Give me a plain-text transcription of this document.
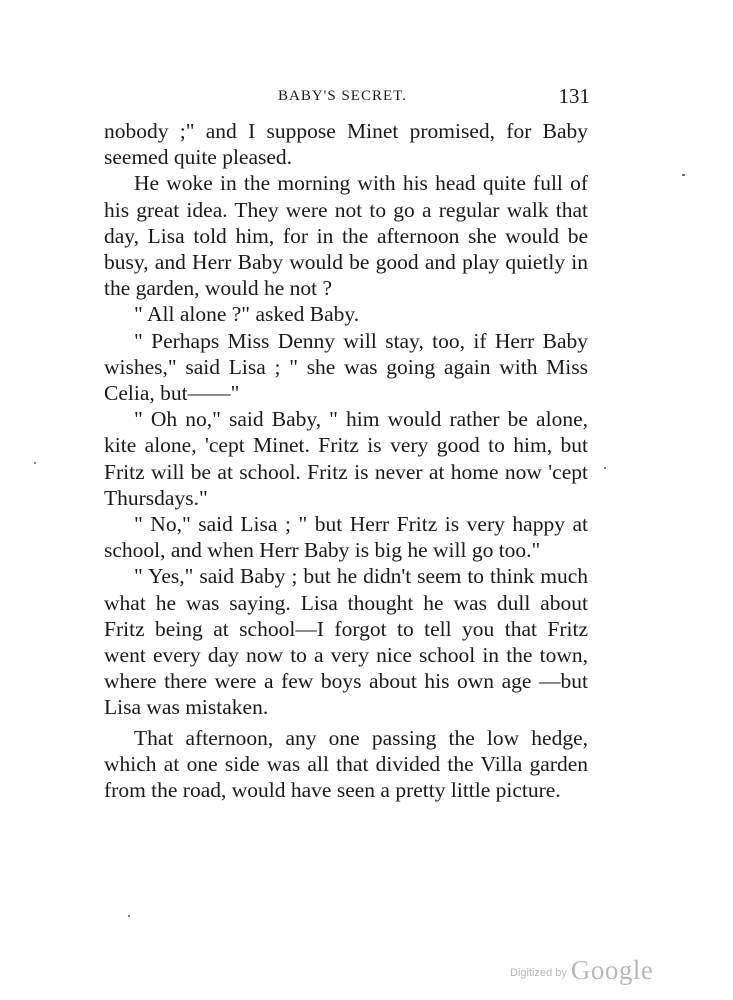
BABY'S SECRET.	131

nobody ;" and I suppose Minet promised, for Baby seemed quite pleased.

He woke in the morning with his head quite full of his great idea. They were not to go a regular walk that day, Lisa told him, for in the afternoon she would be busy, and Herr Baby would be good and play quietly in the garden, would he not ?

" All alone ?" asked Baby.

" Perhaps Miss Denny will stay, too, if Herr Baby wishes," said Lisa ; " she was going again with Miss Celia, but——"

" Oh no," said Baby, " him would rather be alone, kite alone, 'cept Minet. Fritz is very good to him, but Fritz will be at school. Fritz is never at home now 'cept Thursdays."

" No," said Lisa ; " but Herr Fritz is very happy at school, and when Herr Baby is big he will go too."

" Yes," said Baby ; but he didn't seem to think much what he was saying. Lisa thought he was dull about Fritz being at school—I forgot to tell you that Fritz went every day now to a very nice school in the town, where there were a few boys about his own age —but Lisa was mistaken.

That afternoon, any one passing the low hedge, which at one side was all that divided the Villa garden from the road, would have seen a pretty little picture.

Digitized by Google
